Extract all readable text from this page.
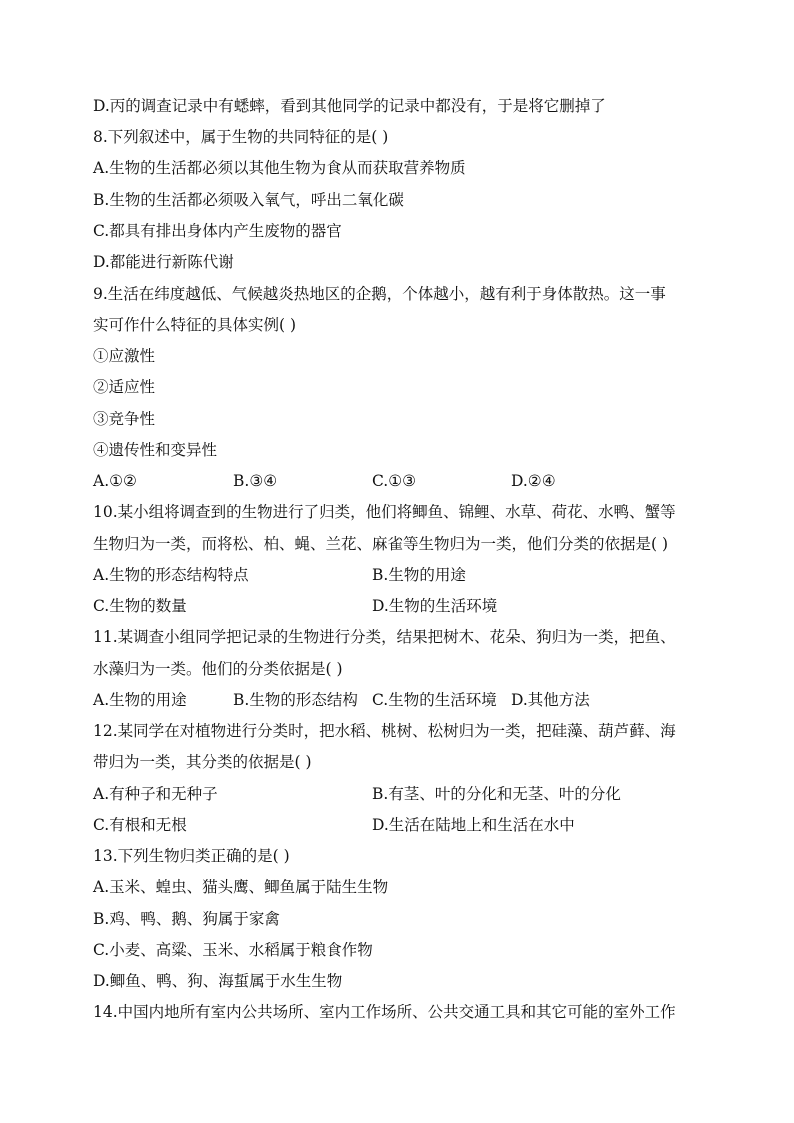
D.丙的调查记录中有蟋蟀，看到其他同学的记录中都没有，于是将它删掉了
8.下列叙述中，属于生物的共同特征的是( )
A.生物的生活都必须以其他生物为食从而获取营养物质
B.生物的生活都必须吸入氧气，呼出二氧化碳
C.都具有排出身体内产生废物的器官
D.都能进行新陈代谢
9.生活在纬度越低、气候越炎热地区的企鹅，个体越小，越有利于身体散热。这一事
实可作什么特征的具体实例( )
①应激性
②适应性
③竞争性
④遗传性和变异性
A.①②	B.③④	C.①③	D.②④
10.某小组将调查到的生物进行了归类，他们将鲫鱼、锦鲤、水草、荷花、水鸭、蟹等
生物归为一类，而将松、柏、蝇、兰花、麻雀等生物归为一类，他们分类的依据是( )
A.生物的形态结构特点	B.生物的用途
C.生物的数量	D.生物的生活环境
11.某调查小组同学把记录的生物进行分类，结果把树木、花朵、狗归为一类，把鱼、
水藻归为一类。他们的分类依据是( )
A.生物的用途	B.生物的形态结构 C.生物的生活环境 D.其他方法
12.某同学在对植物进行分类时，把水稻、桃树、松树归为一类，把硅藻、葫芦藓、海
带归为一类，其分类的依据是( )
A.有种子和无种子	B.有茎、叶的分化和无茎、叶的分化
C.有根和无根	D.生活在陆地上和生活在水中
13.下列生物归类正确的是( )
A.玉米、蝗虫、猫头鹰、鲫鱼属于陆生生物
B.鸡、鸭、鹅、狗属于家禽
C.小麦、高粱、玉米、水稻属于粮食作物
D.鲫鱼、鸭、狗、海蜇属于水生生物
14.中国内地所有室内公共场所、室内工作场所、公共交通工具和其它可能的室外工作
